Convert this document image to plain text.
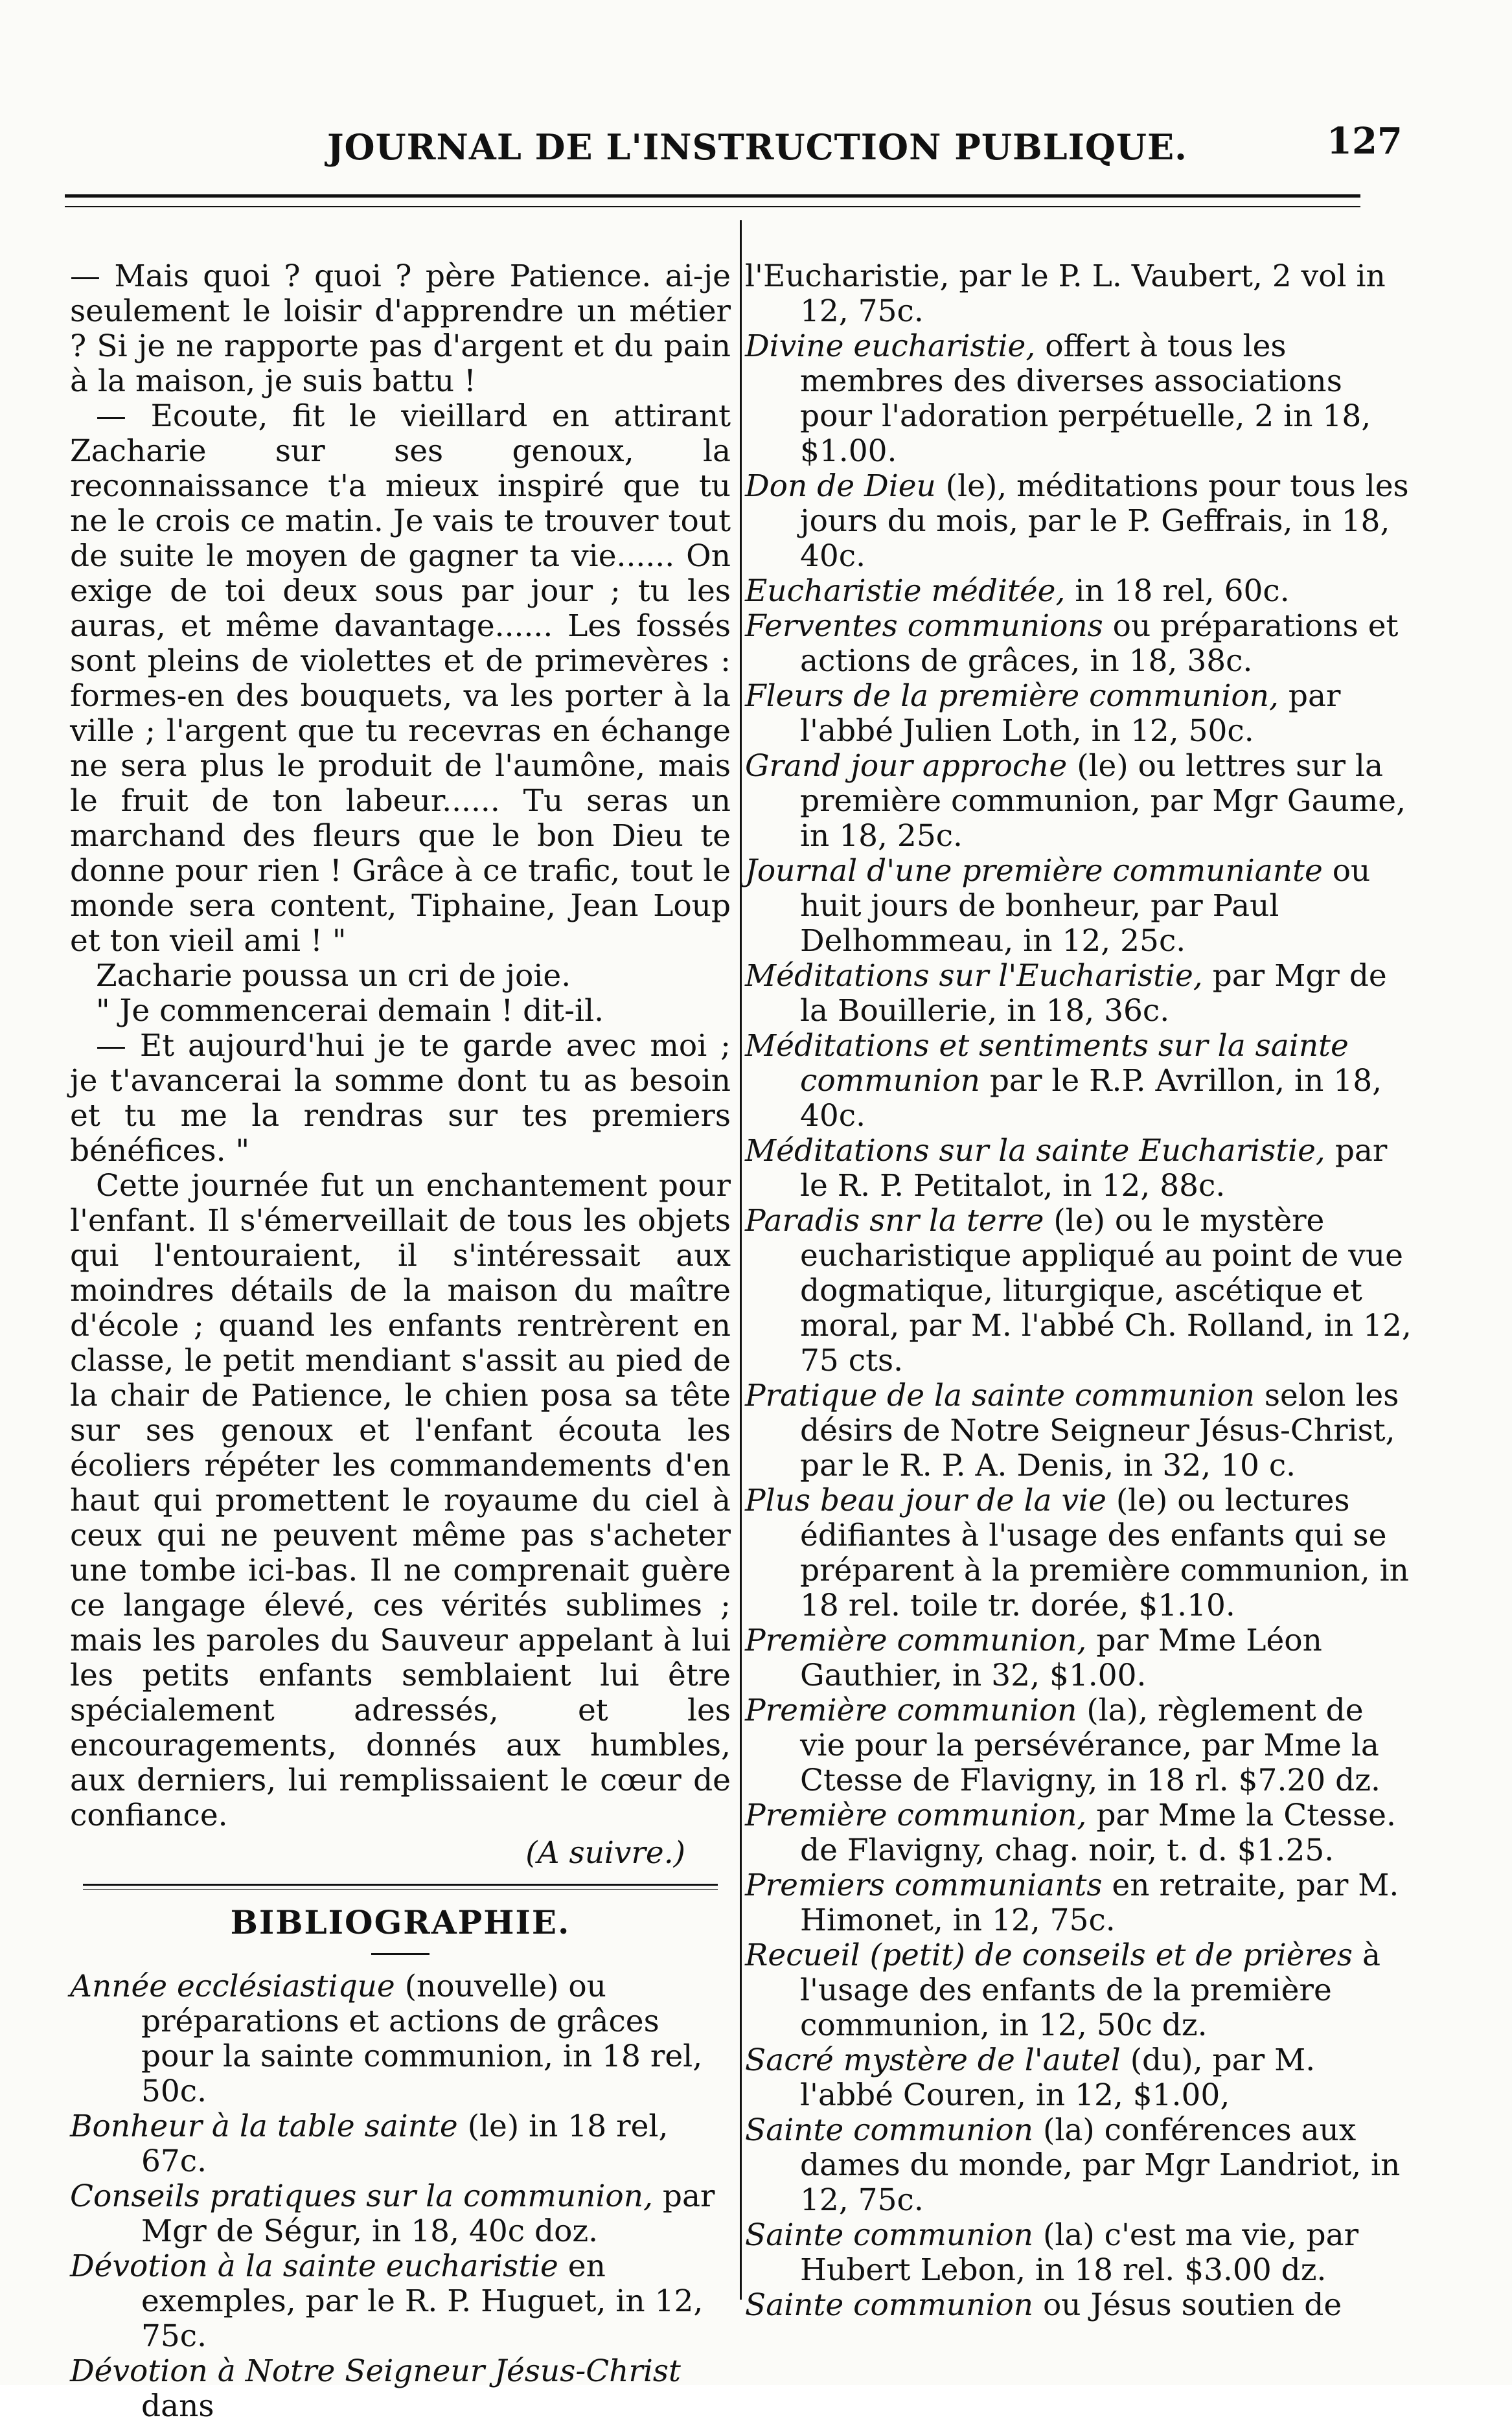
JOURNAL DE L'INSTRUCTION PUBLIQUE.	127

— Mais quoi ? quoi ? père Patience. ai-je seulement le loisir d'apprendre un métier ? Si je ne rapporte pas d'argent et du pain à la maison, je suis battu !

— Ecoute, fit le vieillard en attirant Zacharie sur ses genoux, la reconnaissance t'a mieux inspiré que tu ne le crois ce matin. Je vais te trouver tout de suite le moyen de gagner ta vie...... On exige de toi deux sous par jour ; tu les auras, et même davantage...... Les fossés sont pleins de violettes et de primevères : formes-en des bouquets, va les porter à la ville ; l'argent que tu recevras en échange ne sera plus le produit de l'aumône, mais le fruit de ton labeur...... Tu seras un marchand des fleurs que le bon Dieu te donne pour rien ! Grâce à ce trafic, tout le monde sera content, Tiphaine, Jean Loup et ton vieil ami ! "

Zacharie poussa un cri de joie.

" Je commencerai demain ! dit-il.

— Et aujourd'hui je te garde avec moi ; je t'avancerai la somme dont tu as besoin et tu me la rendras sur tes premiers bénéfices. "

Cette journée fut un enchantement pour l'enfant. Il s'émerveillait de tous les objets qui l'entouraient, il s'intéressait aux moindres détails de la maison du maître d'école ; quand les enfants rentrèrent en classe, le petit mendiant s'assit au pied de la chair de Patience, le chien posa sa tête sur ses genoux et l'enfant écouta les écoliers répéter les commandements d'en haut qui promettent le royaume du ciel à ceux qui ne peuvent même pas s'acheter une tombe ici-bas. Il ne comprenait guère ce langage élevé, ces vérités sublimes ; mais les paroles du Sauveur appelant à lui les petits enfants semblaient lui être spécialement adressés, et les encouragements, donnés aux humbles, aux derniers, lui remplissaient le cœur de confiance.

(A suivre.)
BIBLIOGRAPHIE.

Année ecclésiastique (nouvelle) ou préparations et actions de grâces pour la sainte communion, in 18 rel, 50c.

Bonheur à la table sainte (le) in 18 rel, 67c.

Conseils pratiques sur la communion, par Mgr de Ségur, in 18, 40c doz.

Dévotion à la sainte eucharistie en exemples, par le R. P. Huguet, in 12, 75c.

Dévotion à Notre Seigneur Jésus-Christ dans

l'Eucharistie, par le P. L. Vaubert, 2 vol in 12, 75c.

Divine eucharistie, offert à tous les membres des diverses associations pour l'adoration perpétuelle, 2 in 18, $1.00.

Don de Dieu (le), méditations pour tous les jours du mois, par le P. Geffrais, in 18, 40c.

Eucharistie méditée, in 18 rel, 60c.

Ferventes communions ou préparations et actions de grâces, in 18, 38c.

Fleurs de la première communion, par l'abbé Julien Loth, in 12, 50c.

Grand jour approche (le) ou lettres sur la première communion, par Mgr Gaume, in 18, 25c.

Journal d'une première communiante ou huit jours de bonheur, par Paul Delhommeau, in 12, 25c.

Méditations sur l'Eucharistie, par Mgr de la Bouillerie, in 18, 36c.

Méditations et sentiments sur la sainte communion par le R.P. Avrillon, in 18, 40c.

Méditations sur la sainte Eucharistie, par le R. P. Petitalot, in 12, 88c.

Paradis snr la terre (le) ou le mystère eucharistique appliqué au point de vue dogmatique, liturgique, ascétique et moral, par M. l'abbé Ch. Rolland, in 12, 75 cts.

Pratique de la sainte communion selon les désirs de Notre Seigneur Jésus-Christ, par le R. P. A. Denis, in 32, 10 c.

Plus beau jour de la vie (le) ou lectures édifiantes à l'usage des enfants qui se préparent à la première communion, in 18 rel. toile tr. dorée, $1.10.

Première communion, par Mme Léon Gauthier, in 32, $1.00.

Première communion (la), règlement de vie pour la persévérance, par Mme la Ctesse de Flavigny, in 18 rl. $7.20 dz.

Première communion, par Mme la Ctesse. de Flavigny, chag. noir, t. d. $1.25.

Premiers communiants en retraite, par M. Himonet, in 12, 75c.

Recueil (petit) de conseils et de prières à l'usage des enfants de la première communion, in 12, 50c dz.

Sacré mystère de l'autel (du), par M. l'abbé Couren, in 12, $1.00,

Sainte communion (la) conférences aux dames du monde, par Mgr Landriot, in 12, 75c.

Sainte communion (la) c'est ma vie, par Hubert Lebon, in 18 rel. $3.00 dz.

Sainte communion ou Jésus soutien de
